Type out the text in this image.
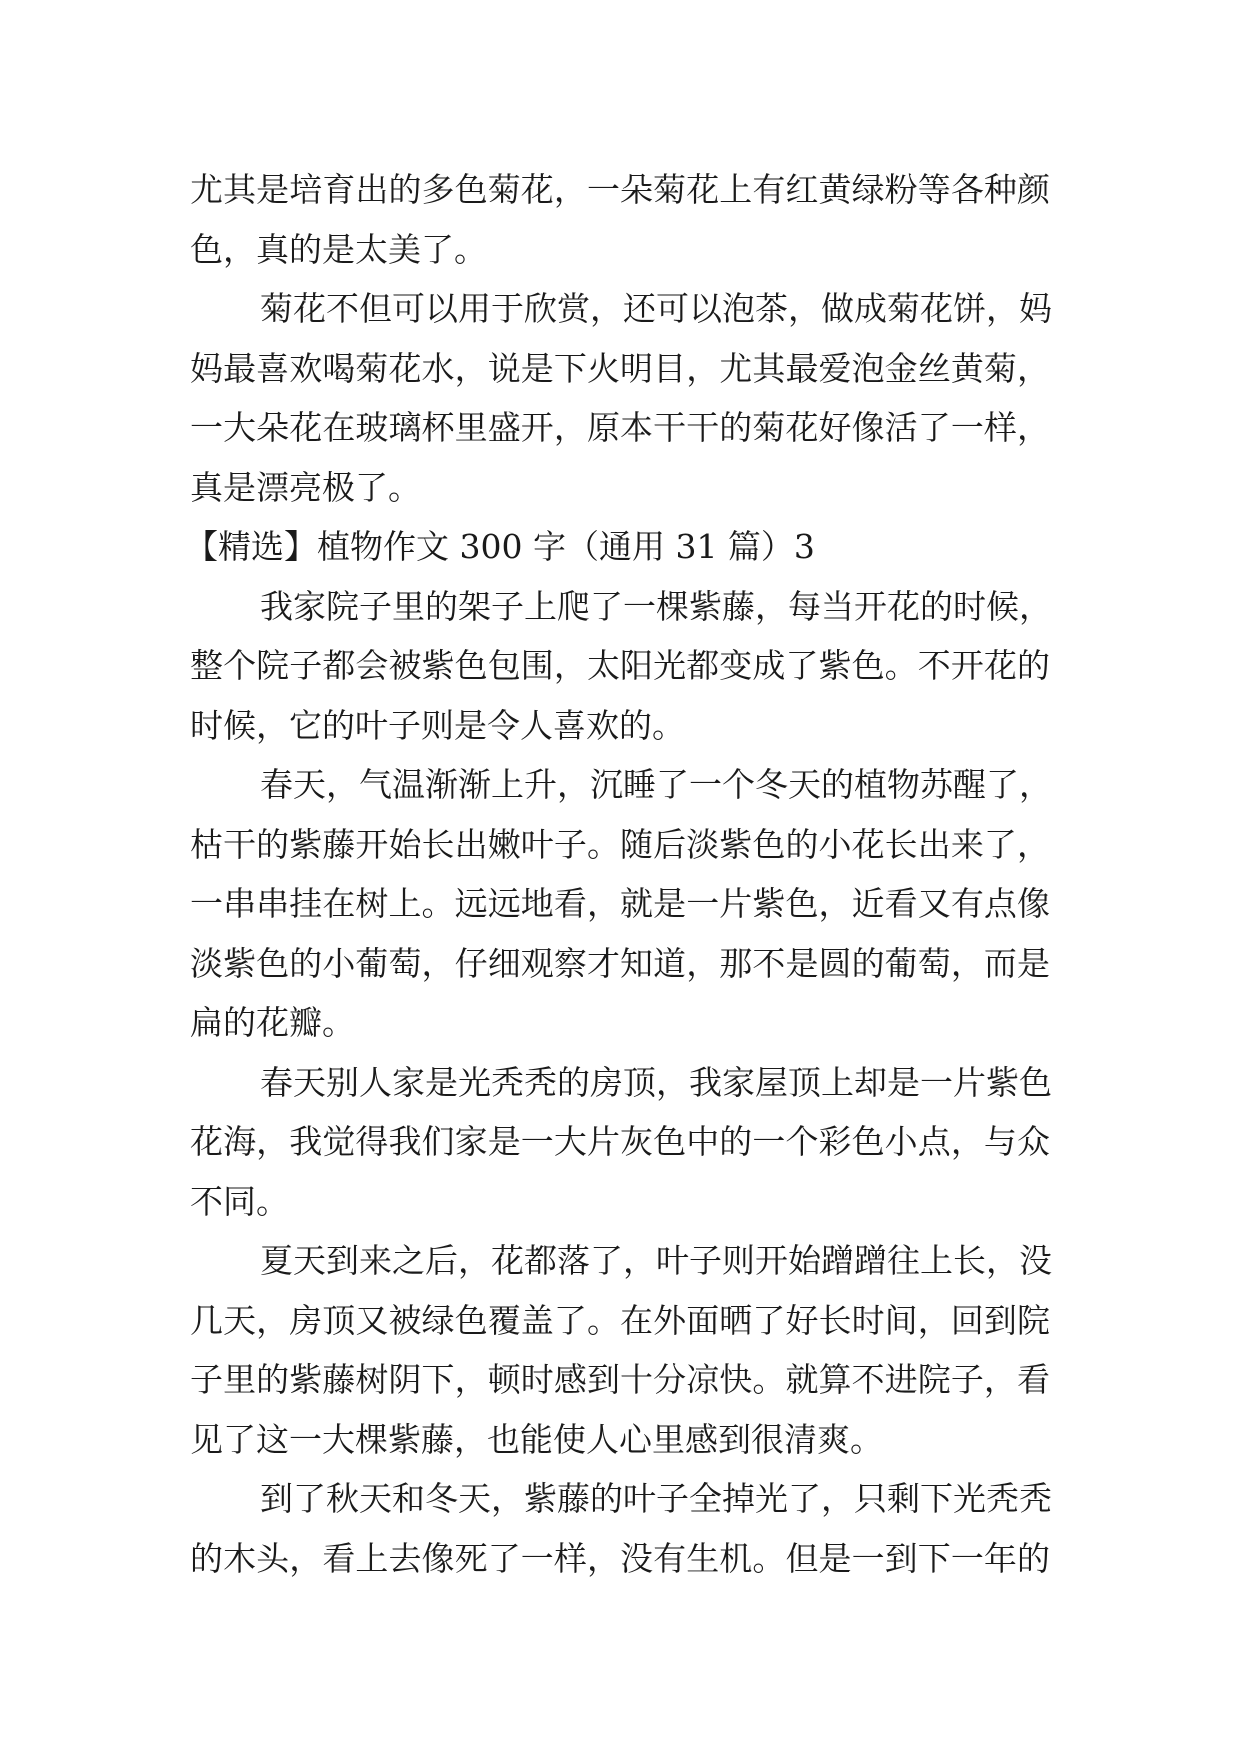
尤其是培育出的多色菊花，一朵菊花上有红黄绿粉等各种颜
色，真的是太美了。
菊花不但可以用于欣赏，还可以泡茶，做成菊花饼，妈
妈最喜欢喝菊花水，说是下火明目，尤其最爱泡金丝黄菊，
一大朵花在玻璃杯里盛开，原本干干的菊花好像活了一样，
真是漂亮极了。
【精选】植物作文 300 字（通用 31 篇）3
我家院子里的架子上爬了一棵紫藤，每当开花的时候，
整个院子都会被紫色包围，太阳光都变成了紫色。不开花的
时候，它的叶子则是令人喜欢的。
春天，气温渐渐上升，沉睡了一个冬天的植物苏醒了，
枯干的紫藤开始长出嫩叶子。随后淡紫色的小花长出来了，
一串串挂在树上。远远地看，就是一片紫色，近看又有点像
淡紫色的小葡萄，仔细观察才知道，那不是圆的葡萄，而是
扁的花瓣。
春天别人家是光秃秃的房顶，我家屋顶上却是一片紫色
花海，我觉得我们家是一大片灰色中的一个彩色小点，与众
不同。
夏天到来之后，花都落了，叶子则开始蹭蹭往上长，没
几天，房顶又被绿色覆盖了。在外面晒了好长时间，回到院
子里的紫藤树阴下，顿时感到十分凉快。就算不进院子，看
见了这一大棵紫藤，也能使人心里感到很清爽。
到了秋天和冬天，紫藤的叶子全掉光了，只剩下光秃秃
的木头，看上去像死了一样，没有生机。但是一到下一年的
